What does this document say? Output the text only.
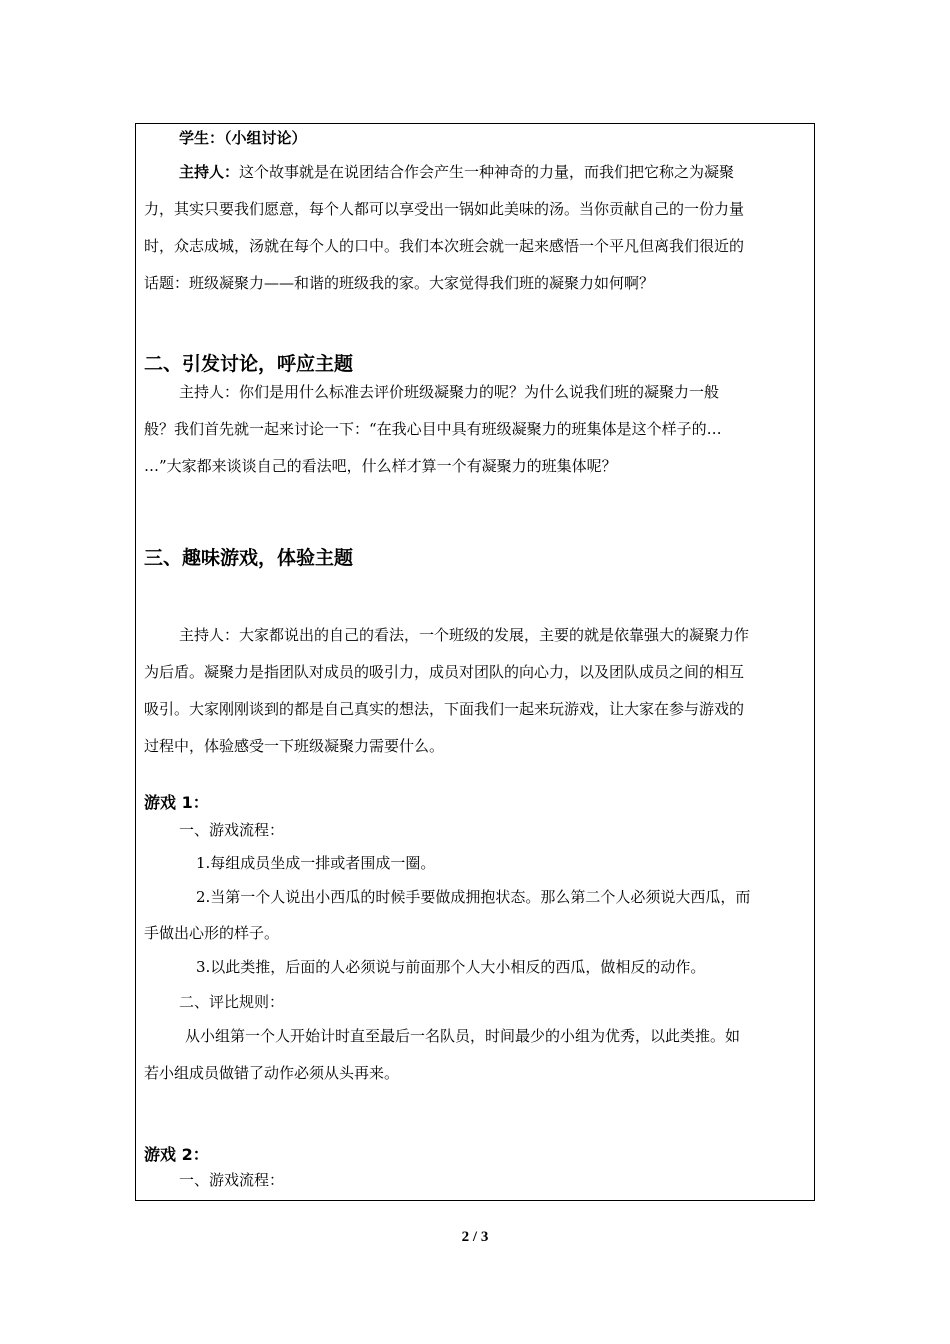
学生：（小组讨论）
主持人：这个故事就是在说团结合作会产生一种神奇的力量，而我们把它称之为凝聚
力，其实只要我们愿意，每个人都可以享受出一锅如此美味的汤。当你贡献自己的一份力量
时，众志成城，汤就在每个人的口中。我们本次班会就一起来感悟一个平凡但离我们很近的
话题：班级凝聚力——和谐的班级我的家。大家觉得我们班的凝聚力如何啊？
二、引发讨论，呼应主题
主持人：你们是用什么标准去评价班级凝聚力的呢？为什么说我们班的凝聚力一般
般？我们首先就一起来讨论一下：“在我心目中具有班级凝聚力的班集体是这个样子的…
…”大家都来谈谈自己的看法吧，什么样才算一个有凝聚力的班集体呢？
三、趣味游戏，体验主题
主持人：大家都说出的自己的看法，一个班级的发展，主要的就是依靠强大的凝聚力作
为后盾。凝聚力是指团队对成员的吸引力，成员对团队的向心力，以及团队成员之间的相互
吸引。大家刚刚谈到的都是自己真实的想法，下面我们一起来玩游戏，让大家在参与游戏的
过程中，体验感受一下班级凝聚力需要什么。
游戏 1：
一、游戏流程：
1.每组成员坐成一排或者围成一圈。
2.当第一个人说出小西瓜的时候手要做成拥抱状态。那么第二个人必须说大西瓜，而
手做出心形的样子。
3.以此类推，后面的人必须说与前面那个人大小相反的西瓜，做相反的动作。
二、评比规则：
从小组第一个人开始计时直至最后一名队员，时间最少的小组为优秀，以此类推。如
若小组成员做错了动作必须从头再来。
游戏 2：
一、游戏流程：
2 / 3
